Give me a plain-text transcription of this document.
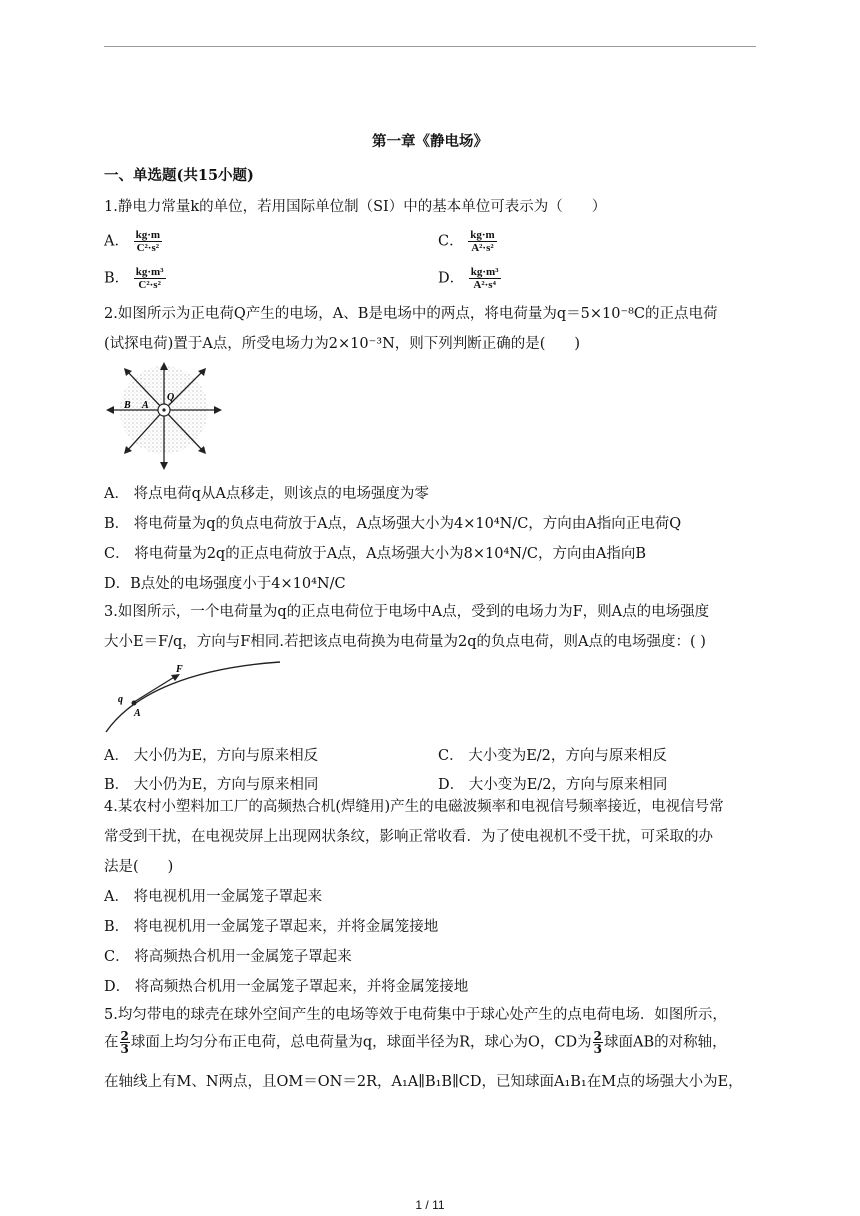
第一章《静电场》
一、单选题(共15小题)
1.静电力常量k的单位，若用国际单位制（SI）中的基本单位可表示为（　　）
A． $\frac{kg\cdot m}{\text{C²·s²}}$	C． $\frac{kg\cdot m}{\text{A²·s²}}$
B． $\frac{\text{kg·m³}}{\text{C²·s²}}$	D． $\frac{\text{kg·m³}}{\text{A²·s⁴}}$
2.如图所示为正电荷Q产生的电场，A、B是电场中的两点，将电荷量为q＝5×10⁻⁸C的正点电荷
(试探电荷)置于A点，所受电场力为2×10⁻³N，则下列判断正确的是(　　)
B A
Q
A． 将点电荷q从A点移走，则该点的电场强度为零
B． 将电荷量为q的负点电荷放于A点，A点场强大小为4×10⁴N/C，方向由A指向正电荷Q
C． 将电荷量为2q的正点电荷放于A点，A点场强大小为8×10⁴N/C，方向由A指向B
D．B点处的电场强度小于4×10⁴N/C
3.如图所示，一个电荷量为q的正点电荷位于电场中A点，受到的电场力为F，则A点的电场强度
大小E＝F/q，方向与F相同.若把该点电荷换为电荷量为2q的负点电荷，则A点的电场强度：( )
F
q
A
A． 大小仍为E，方向与原来相反	C． 大小变为E/2，方向与原来相反
B． 大小仍为E，方向与原来相同	D． 大小变为E/2，方向与原来相同
4.某农村小塑料加工厂的高频热合机(焊缝用)产生的电磁波频率和电视信号频率接近，电视信号常
常受到干扰，在电视荧屏上出现网状条纹，影响正常收看．为了使电视机不受干扰，可采取的办
法是(　　)
A． 将电视机用一金属笼子罩起来
B． 将电视机用一金属笼子罩起来，并将金属笼接地
C． 将高频热合机用一金属笼子罩起来
D． 将高频热合机用一金属笼子罩起来，并将金属笼接地
5.均匀带电的球壳在球外空间产生的电场等效于电荷集中于球心处产生的点电荷电场．如图所示，
在 $\frac{2}{3}$ 球面上均匀分布正电荷，总电荷量为q，球面半径为R，球心为O，CD为 $\frac{2}{3}$ 球面AB的对称轴，
在轴线上有M、N两点，且OM＝ON＝2R，A₁A∥B₁B∥CD，已知球面A₁B₁在M点的场强大小为E，
1 / 11
